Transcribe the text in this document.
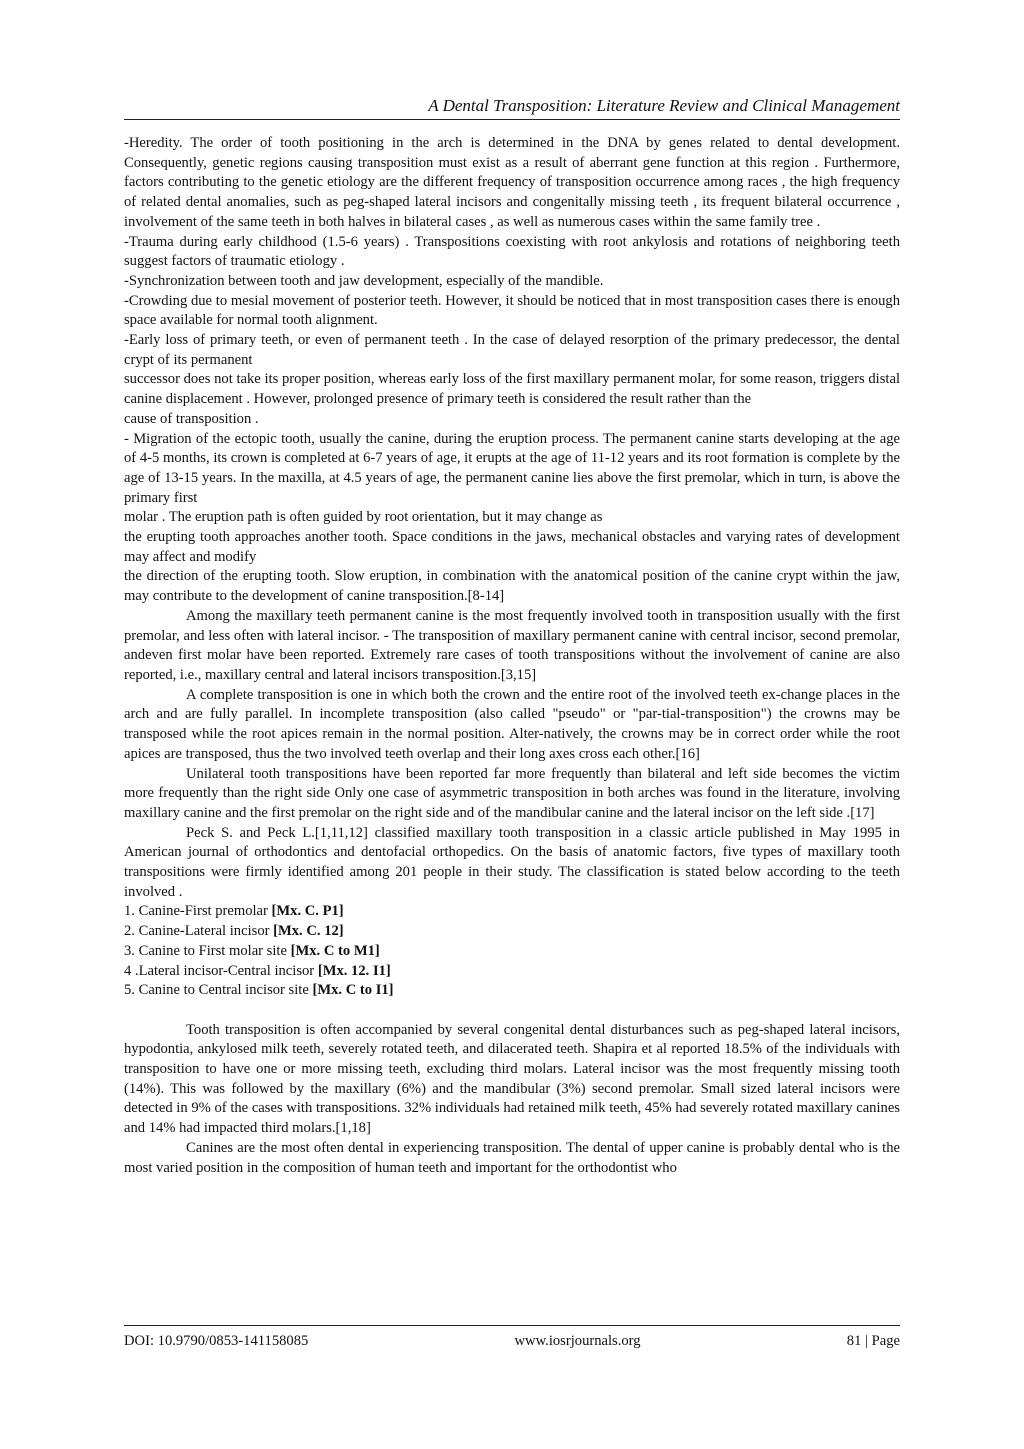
A Dental Transposition: Literature Review and Clinical Management

-Heredity. The order of tooth positioning in the arch is determined in the DNA by genes related to dental development. Consequently, genetic regions causing transposition must exist as a result of aberrant gene function at this region . Furthermore, factors contributing to the genetic etiology are the different frequency of transposition occurrence among races , the high frequency of related dental anomalies, such as peg-shaped lateral incisors and congenitally missing teeth , its frequent bilateral occurrence , involvement of the same teeth in both halves in bilateral cases , as well as numerous cases within the same family tree .

-Trauma during early childhood (1.5-6 years) . Transpositions coexisting with root ankylosis and rotations of neighboring teeth suggest factors of traumatic etiology .

-Synchronization between tooth and jaw development, especially of the mandible.

-Crowding due to mesial movement of posterior teeth. However, it should be noticed that in most transposition cases there is enough space available for normal tooth alignment.

-Early loss of primary teeth, or even of permanent teeth . In the case of delayed resorption of the primary predecessor, the dental crypt of its permanent

successor does not take its proper position, whereas early loss of the first maxillary permanent molar, for some reason, triggers distal canine displacement . However, prolonged presence of primary teeth is considered the result rather than the

cause of transposition .

- Migration of the ectopic tooth, usually the canine, during the eruption process. The permanent canine starts developing at the age of 4-5 months, its crown is completed at 6-7 years of age, it erupts at the age of 11-12 years and its root formation is complete by the age of 13-15 years. In the maxilla, at 4.5 years of age, the permanent canine lies above the first premolar, which in turn, is above the primary first

molar . The eruption path is often guided by root orientation, but it may change as

the erupting tooth approaches another tooth. Space conditions in the jaws, mechanical obstacles and varying rates of development may affect and modify

the direction of the erupting tooth. Slow eruption, in combination with the anatomical position of the canine crypt within the jaw, may contribute to the development of canine transposition.[8-14]

Among the maxillary teeth permanent canine is the most frequently involved tooth in transposition usually with the first premolar, and less often with lateral incisor. - The transposition of maxillary permanent canine with central incisor, second premolar, andeven first molar have been reported. Extremely rare cases of tooth transpositions without the involvement of canine are also reported, i.e., maxillary central and lateral incisors transposition.[3,15]

A complete transposition is one in which both the crown and the entire root of the involved teeth ex-change places in the arch and are fully parallel. In incomplete transposition (also called "pseudo" or "par-tial-transposition") the crowns may be transposed while the root apices remain in the normal position. Alter-natively, the crowns may be in correct order while the root apices are transposed, thus the two involved teeth overlap and their long axes cross each other.[16]

Unilateral tooth transpositions have been reported far more frequently than bilateral and left side becomes the victim more frequently than the right side Only one case of asymmetric transposition in both arches was found in the literature, involving maxillary canine and the first premolar on the right side and of the mandibular canine and the lateral incisor on the left side .[17]

Peck S. and Peck L.[1,11,12] classified maxillary tooth transposition in a classic article published in May 1995 in American journal of orthodontics and dentofacial orthopedics. On the basis of anatomic factors, five types of maxillary tooth transpositions were firmly identified among 201 people in their study. The classification is stated below according to the teeth involved .

1. Canine-First premolar [Mx. C. P1]

2. Canine-Lateral incisor [Mx. C. 12]

3. Canine to First molar site [Mx. C to M1]

4 .Lateral incisor-Central incisor [Mx. 12. I1]

5. Canine to Central incisor site [Mx. C to I1]

Tooth transposition is often accompanied by several congenital dental disturbances such as peg-shaped lateral incisors, hypodontia, ankylosed milk teeth, severely rotated teeth, and dilacerated teeth. Shapira et al reported 18.5% of the individuals with transposition to have one or more missing teeth, excluding third molars. Lateral incisor was the most frequently missing tooth (14%). This was followed by the maxillary (6%) and the mandibular (3%) second premolar. Small sized lateral incisors were detected in 9% of the cases with transpositions. 32% individuals had retained milk teeth, 45% had severely rotated maxillary canines and 14% had impacted third molars.[1,18]

Canines are the most often dental in experiencing transposition. The dental of upper canine is probably dental who is the most varied position in the composition of human teeth and important for the orthodontist who

DOI: 10.9790/0853-141158085	www.iosrjournals.org	81 | Page
